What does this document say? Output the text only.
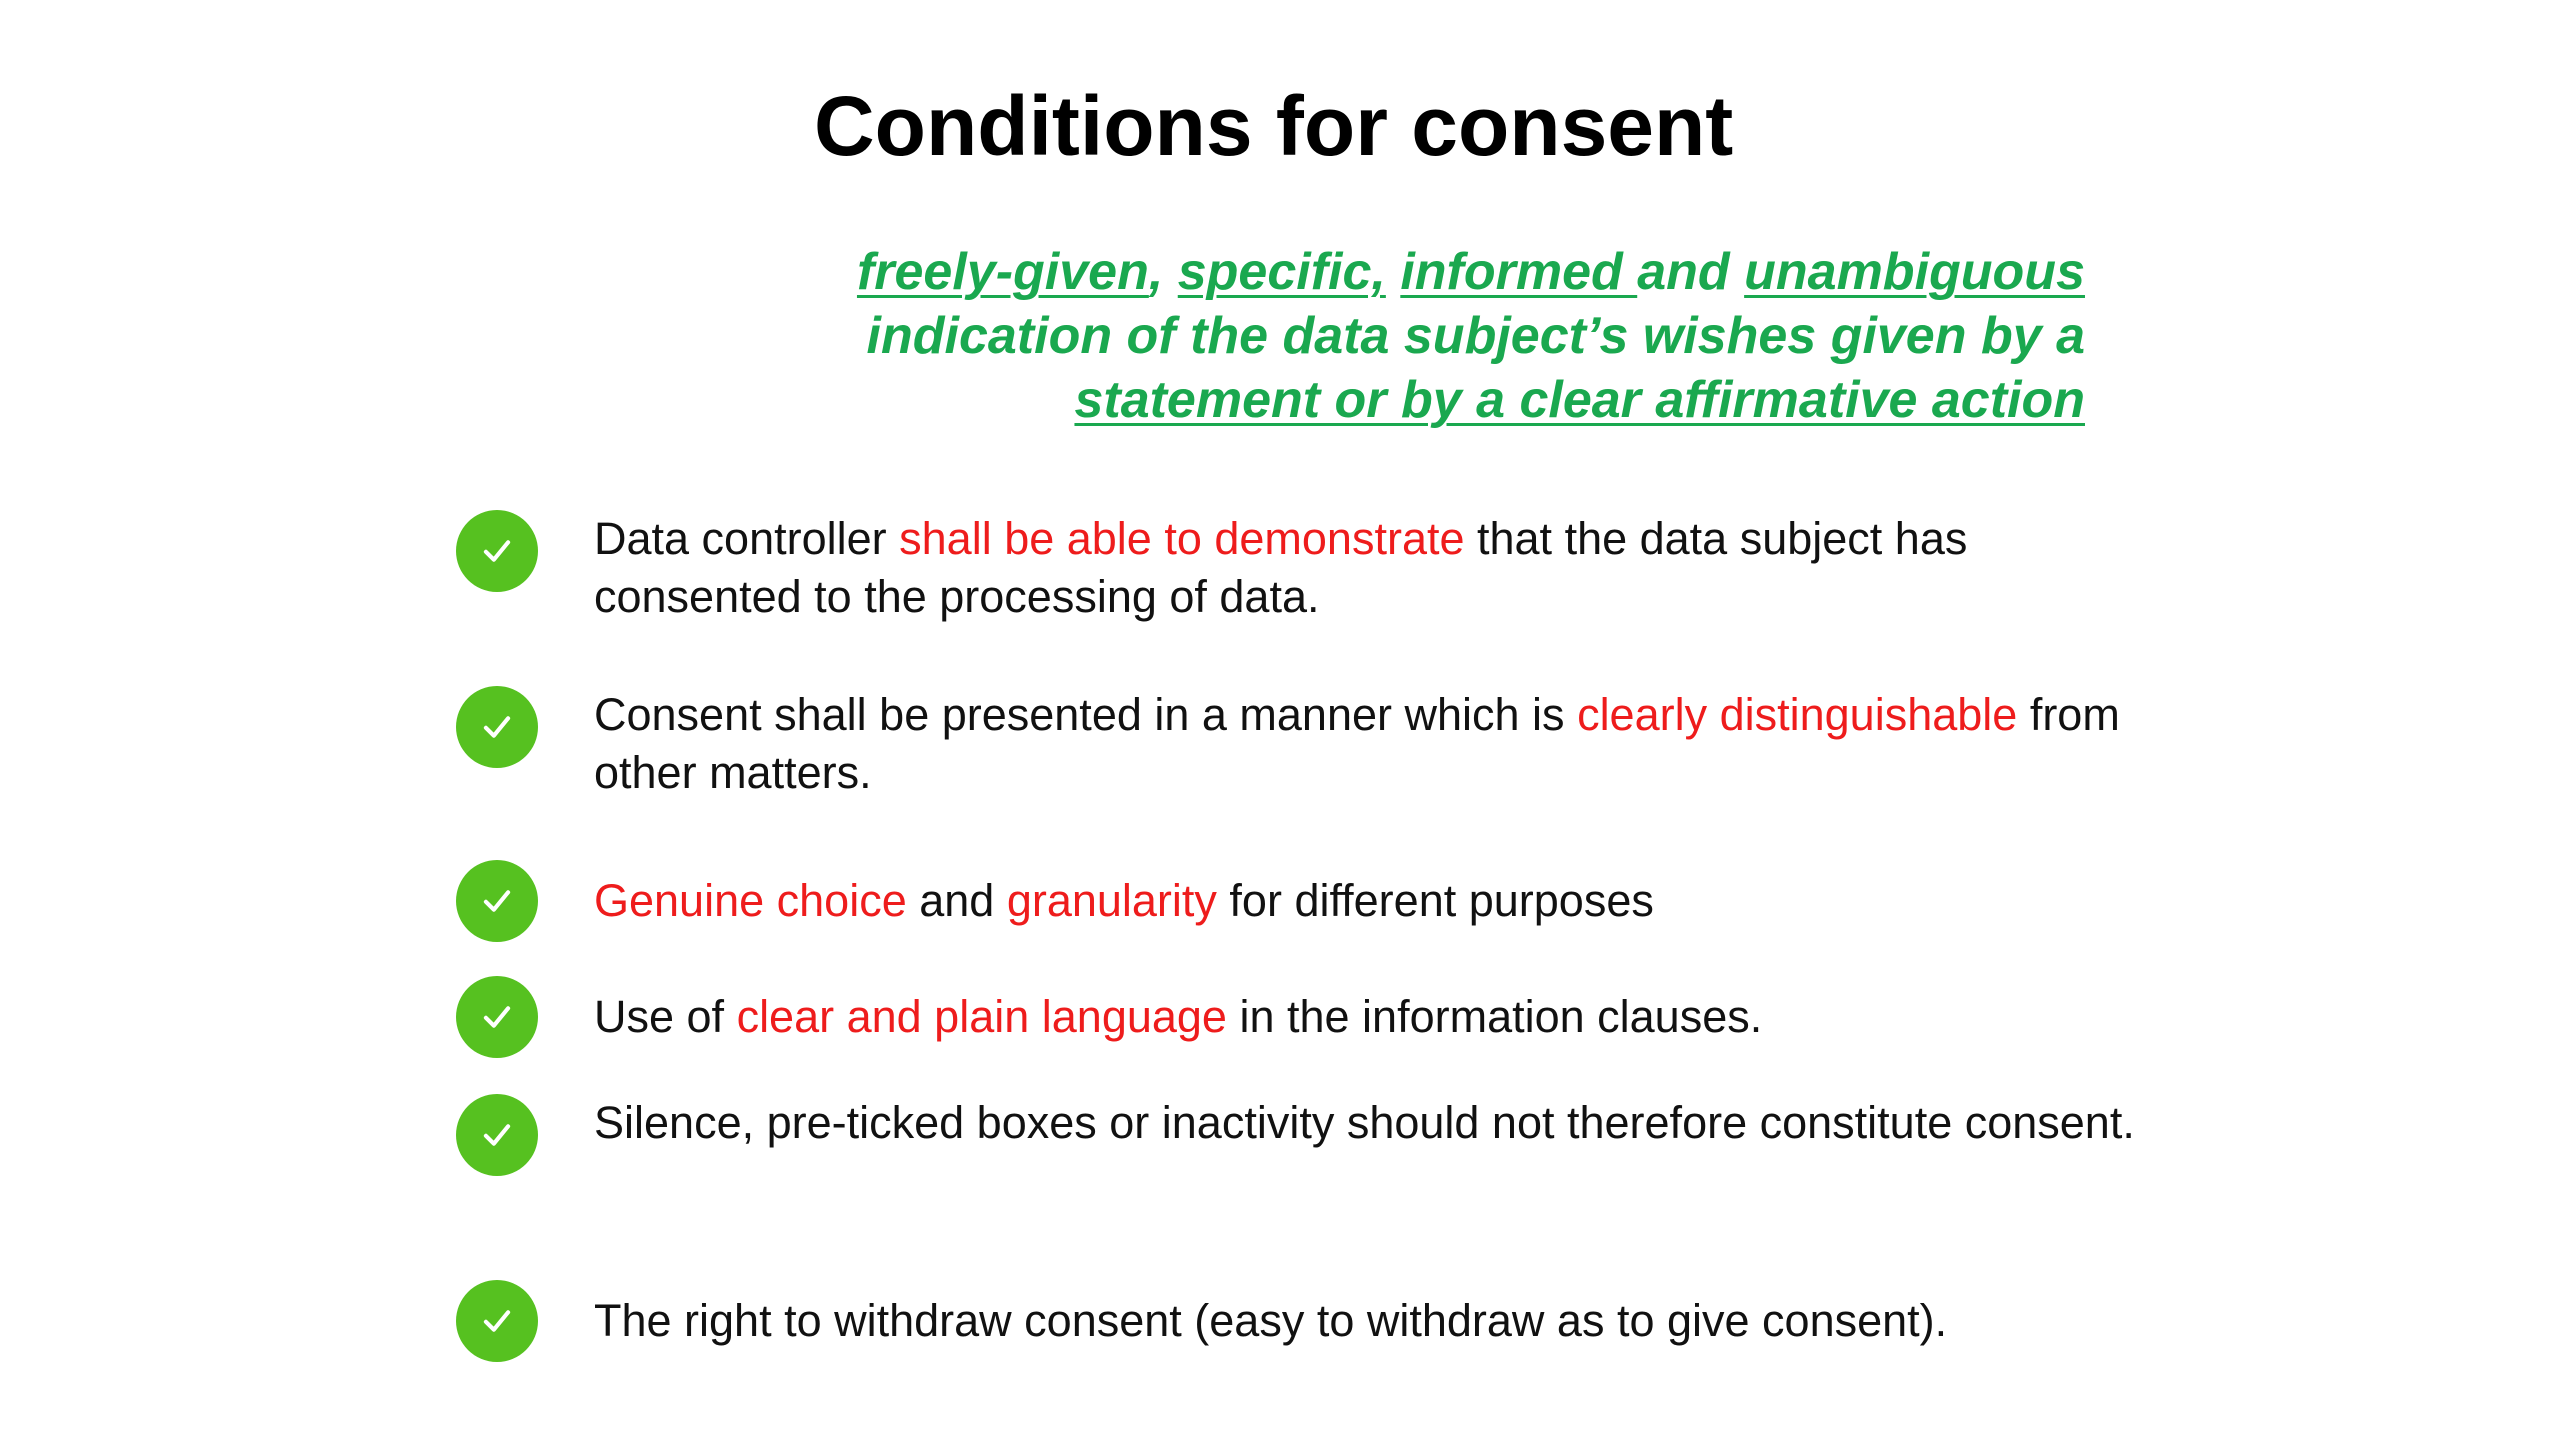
Conditions for consent
freely-given, specific, informed and unambiguous indication of the data subject’s wishes given by a statement or by a clear affirmative action
Data controller shall be able to demonstrate that the data subject has consented to the processing of data.
Consent shall be presented in a manner which is clearly distinguishable from other matters.
Genuine choice and granularity for different purposes
Use of clear and plain language in the information clauses.
Silence, pre-ticked boxes or inactivity should not therefore constitute consent.
The right to withdraw consent (easy to withdraw as to give consent).
